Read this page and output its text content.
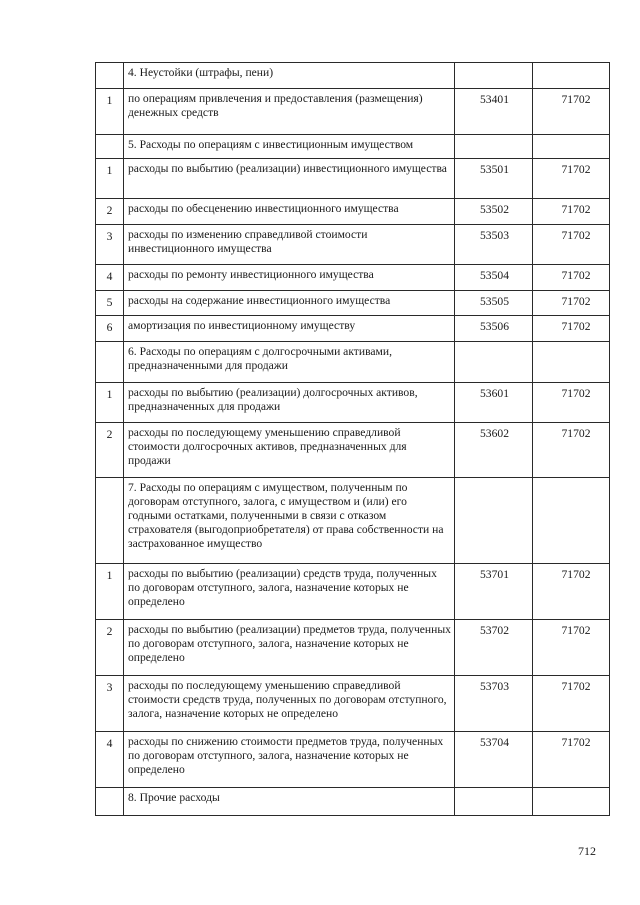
	4. Неустойки (штрафы, пени)		
1	по операциям привлечения и предоставления (размещения) денежных средств	53401	71702
	5. Расходы по операциям с инвестиционным имуществом		
1	расходы по выбытию (реализации) инвестиционного имущества	53501	71702
2	расходы по обесценению инвестиционного имущества	53502	71702
3	расходы по изменению справедливой стоимости инвестиционного имущества	53503	71702
4	расходы по ремонту инвестиционного имущества	53504	71702
5	расходы на содержание инвестиционного имущества	53505	71702
6	амортизация по инвестиционному имуществу	53506	71702
	6. Расходы по операциям с долгосрочными активами, предназначенными для продажи		
1	расходы по выбытию (реализации) долгосрочных активов, предназначенных для продажи	53601	71702
2	расходы по последующему уменьшению справедливой стоимости долгосрочных активов, предназначенных для продажи	53602	71702
	7. Расходы по операциям с имуществом, полученным по договорам отступного, залога, с имуществом и (или) его годными остатками, полученными в связи с отказом страхователя (выгодоприобретателя) от права собственности на застрахованное имущество		
1	расходы по выбытию (реализации) средств труда, полученных по договорам отступного, залога, назначение которых не определено	53701	71702
2	расходы по выбытию (реализации) предметов труда, полученных по договорам отступного, залога, назначение которых не определено	53702	71702
3	расходы по последующему уменьшению справедливой стоимости средств труда, полученных по договорам отступного, залога, назначение которых не определено	53703	71702
4	расходы по снижению стоимости предметов труда, полученных по договорам отступного, залога, назначение которых не определено	53704	71702
	8. Прочие расходы		
712
